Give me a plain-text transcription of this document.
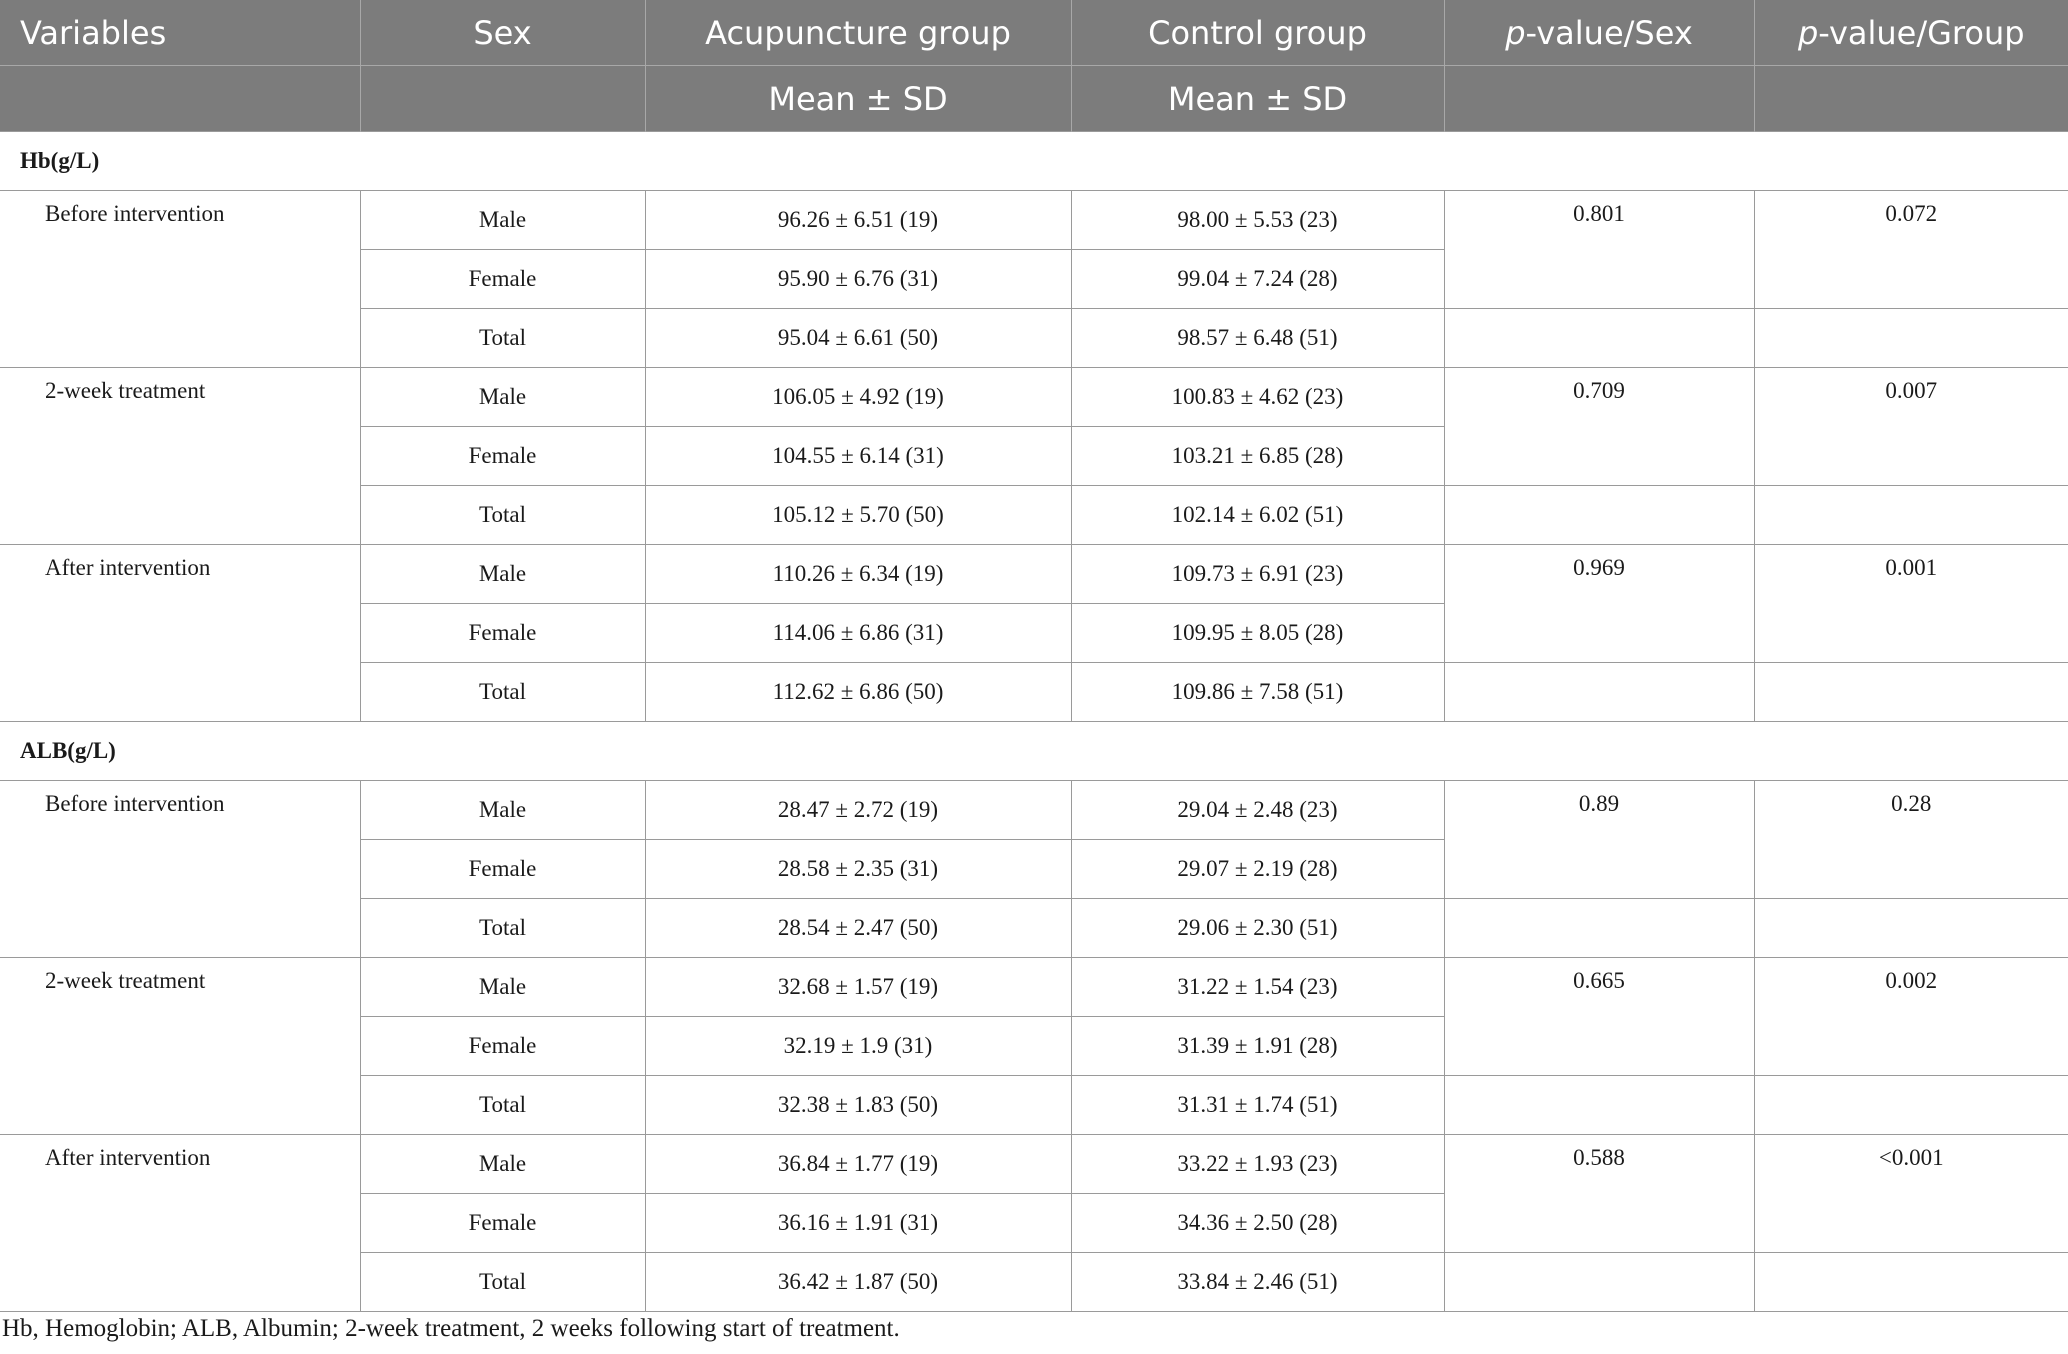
Variables	Sex	Acupuncture group	Control group	p-value/Sex	p-value/Group
		Mean ± SD	Mean ± SD		
Hb(g/L)					
Before intervention	Male	96.26 ± 6.51 (19)	98.00 ± 5.53 (23)	0.801	0.072
	Female	95.90 ± 6.76 (31)	99.04 ± 7.24 (28)		
	Total	95.04 ± 6.61 (50)	98.57 ± 6.48 (51)		
2-week treatment	Male	106.05 ± 4.92 (19)	100.83 ± 4.62 (23)	0.709	0.007
	Female	104.55 ± 6.14 (31)	103.21 ± 6.85 (28)		
	Total	105.12 ± 5.70 (50)	102.14 ± 6.02 (51)		
After intervention	Male	110.26 ± 6.34 (19)	109.73 ± 6.91 (23)	0.969	0.001
	Female	114.06 ± 6.86 (31)	109.95 ± 8.05 (28)		
	Total	112.62 ± 6.86 (50)	109.86 ± 7.58 (51)		
ALB(g/L)					
Before intervention	Male	28.47 ± 2.72 (19)	29.04 ± 2.48 (23)	0.89	0.28
	Female	28.58 ± 2.35 (31)	29.07 ± 2.19 (28)		
	Total	28.54 ± 2.47 (50)	29.06 ± 2.30 (51)		
2-week treatment	Male	32.68 ± 1.57 (19)	31.22 ± 1.54 (23)	0.665	0.002
	Female	32.19 ± 1.9 (31)	31.39 ± 1.91 (28)		
	Total	32.38 ± 1.83 (50)	31.31 ± 1.74 (51)		
After intervention	Male	36.84 ± 1.77 (19)	33.22 ± 1.93 (23)	0.588	<0.001
	Female	36.16 ± 1.91 (31)	34.36 ± 2.50 (28)		
	Total	36.42 ± 1.87 (50)	33.84 ± 2.46 (51)		
Hb, Hemoglobin; ALB, Albumin; 2-week treatment, 2 weeks following start of treatment.
